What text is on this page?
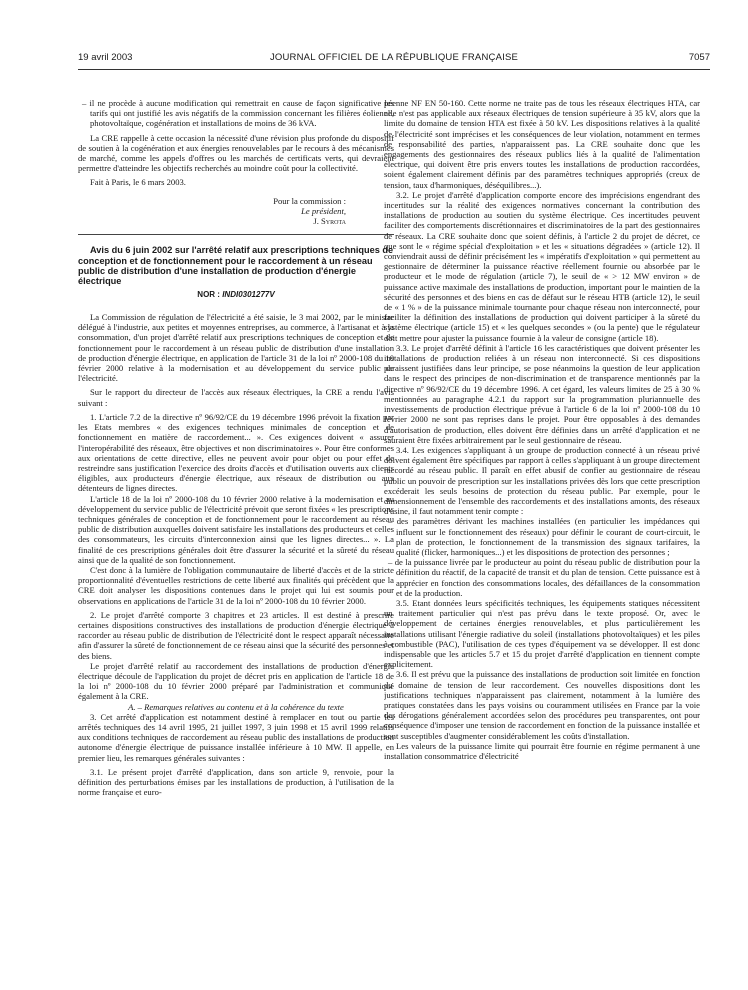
19 avril 2003	JOURNAL OFFICIEL DE LA RÉPUBLIQUE FRANÇAISE	7057

– il ne procède à aucune modification qui remettrait en cause de façon significative les tarifs qui ont justifié les avis négatifs de la commission concernant les filières éolienne, photovoltaïque, cogénération et installations de moins de 36 kVA.

La CRE rappelle à cette occasion la nécessité d'une révision plus profonde du dispositif de soutien à la cogénération et aux énergies renouvelables par le recours à des mécanismes de marché, comme les appels d'offres ou les marchés de certificats verts, qui devraient permettre d'atteindre les objectifs recherchés au moindre coût pour la collectivité.

Fait à Paris, le 6 mars 2003.

Pour la commission :
Le président,
J. Syrota

Avis du 6 juin 2002 sur l'arrêté relatif aux prescriptions techniques de conception et de fonctionnement pour le raccordement à un réseau public de distribution d'une installation de production d'énergie électrique

NOR : INDI0301277V

La Commission de régulation de l'électricité a été saisie, le 3 mai 2002, par le ministre délégué à l'industrie, aux petites et moyennes entreprises, au commerce, à l'artisanat et à la consommation, d'un projet d'arrêté relatif aux prescriptions techniques de conception et de fonctionnement pour le raccordement à un réseau public de distribution d'une installation de production d'énergie électrique, en application de l'article 31 de la loi nº 2000-108 du 10 février 2000 relative à la modernisation et au développement du service public de l'électricité.

Sur le rapport du directeur de l'accès aux réseaux électriques, la CRE a rendu l'avis suivant :

1. L'article 7.2 de la directive nº 96/92/CE du 19 décembre 1996 prévoit la fixation par les Etats membres « des exigences techniques minimales de conception et de fonctionnement en matière de raccordement... ». Ces exigences doivent « assurer l'interopérabilité des réseaux, être objectives et non discriminatoires ». Pour être conformes aux orientations de cette directive, elles ne peuvent avoir pour objet ou pour effet de restreindre sans justification l'exercice des droits d'accès et d'utilisation ouverts aux clients éligibles, aux producteurs d'énergie électrique, aux réseaux de distribution ou aux détenteurs de lignes directes.

L'article 18 de la loi nº 2000-108 du 10 février 2000 relative à la modernisation et au développement du service public de l'électricité prévoit que seront fixées « les prescriptions techniques générales de conception et de fonctionnement pour le raccordement au réseau public de distribution auxquelles doivent satisfaire les installations des producteurs et celles des consommateurs, les circuits d'interconnexion ainsi que les lignes directes... ». La finalité de ces prescriptions générales doit être d'assurer la sécurité et la sûreté du réseau ainsi que de la qualité de son fonctionnement.

C'est donc à la lumière de l'obligation communautaire de liberté d'accès et de la stricte proportionnalité d'éventuelles restrictions de cette liberté aux finalités qui précèdent que la CRE doit analyser les dispositions contenues dans le projet qui lui est soumis pour observations en applications de l'article 31 de la loi nº 2000-108 du 10 février 2000.

2. Le projet d'arrêté comporte 3 chapitres et 23 articles. Il est destiné à prescrire certaines dispositions constructives des installations de production d'énergie électrique à raccorder au réseau public de distribution de l'électricité dont le respect apparaît nécessaire afin d'assurer la sûreté de fonctionnement de ce réseau ainsi que la sécurité des personnes et des biens.

Le projet d'arrêté relatif au raccordement des installations de production d'énergie électrique découle de l'application du projet de décret pris en application de l'article 18 de la loi nº 2000-108 du 10 février 2000 préparé par l'administration et communiqué également à la CRE.

A. – Remarques relatives au contenu et à la cohérence du texte

3. Cet arrêté d'application est notamment destiné à remplacer en tout ou partie les arrêtés techniques des 14 avril 1995, 21 juillet 1997, 3 juin 1998 et 15 avril 1999 relatifs aux conditions techniques de raccordement au réseau public des installations de production autonome d'énergie électrique de puissance installée inférieure à 10 MW. Il appelle, en premier lieu, les remarques générales suivantes :

3.1. Le présent projet d'arrêté d'application, dans son article 9, renvoie, pour la définition des perturbations émises par les installations de production, à l'utilisation de la norme française et euro-

péenne NF EN 50-160. Cette norme ne traite pas de tous les réseaux électriques HTA, car elle n'est pas applicable aux réseaux électriques de tension supérieure à 35 kV, alors que la limite du domaine de tension HTA est fixée à 50 kV. Les dispositions relatives à la qualité de l'électricité sont imprécises et les conséquences de leur violation, notamment en termes de responsabilité des parties, n'apparaissent pas. La CRE souhaite donc que les engagements des gestionnaires des réseaux publics liés à la qualité de l'alimentation électrique, qui doivent être pris envers toutes les installations de production raccordées, soient également clairement définis par des paramètres techniques appropriés (creux de tension, taux d'harmoniques, déséquilibres...).

3.2. Le projet d'arrêté d'application comporte encore des imprécisions engendrant des incertitudes sur la réalité des exigences normatives concernant la contribution des installations de production au soutien du système électrique. Ces incertitudes peuvent faciliter des comportements discrétionnaires et discriminatoires de la part des gestionnaires de réseaux. La CRE souhaite donc que soient définis, à l'article 2 du projet de décret, ce que sont le « régime spécial d'exploitation » et les « situations dégradées » (article 12). Il conviendrait aussi de définir précisément les « impératifs d'exploitation » qui permettent au gestionnaire de déterminer la puissance réactive réellement fournie ou absorbée par le producteur et le mode de régulation (article 7), le seuil de « > 12 MW environ » de puissance active maximale des installations de production, important pour le maintien de la sécurité des personnes et des biens en cas de défaut sur le réseau HTB (article 12), le seuil de « 1 % » de la puissance minimale tournante pour chaque réseau non interconnecté, pour faciliter la définition des installations de production qui doivent participer à la sûreté du système électrique (article 15) et « les quelques secondes » (ou la pente) que le régulateur doit mettre pour ajuster la puissance fournie à la valeur de consigne (article 18).

3.3. Le projet d'arrêté définit à l'article 16 les caractéristiques que doivent présenter les installations de production reliées à un réseau non interconnecté. Si ces dispositions paraissent justifiées dans leur principe, se pose néanmoins la question de leur application dans le respect des principes de non-discrimination et de transparence mentionnés par la directive nº 96/92/CE du 19 décembre 1996. A cet égard, les valeurs limites de 25 à 30 % mentionnées au paragraphe 4.2.1 du rapport sur la programmation pluriannuelle des investissements de production électrique prévue à l'article 6 de la loi nº 2000-108 du 10 février 2000 ne sont pas reprises dans le projet. Pour être opposables à des demandes d'autorisation de production, elles doivent être définies dans un arrêté d'application et ne sauraient être fixées arbitrairement par le seul gestionnaire de réseau.

3.4. Les exigences s'appliquant à un groupe de production connecté à un réseau privé doivent également être spécifiques par rapport à celles s'appliquant à un groupe directement raccordé au réseau public. Il paraît en effet abusif de confier au gestionnaire de réseau public un pouvoir de prescription sur les installations privées dès lors que cette prescription excéderait les seuls besoins de protection du réseau public. Par exemple, pour le dimensionnement de l'ensemble des raccordements et des installations amonts, des réseaux d'usine, il faut notamment tenir compte :

– des paramètres dérivant les machines installées (en particulier les impédances qui influent sur le fonctionnement des réseaux) pour définir le courant de court-circuit, le plan de protection, le fonctionnement de la transmission des signaux tarifaires, la qualité (flicker, harmoniques...) et les dispositions de protection des personnes ;

– de la puissance livrée par le producteur au point du réseau public de distribution pour la définition du réactif, de la capacité de transit et du plan de tension. Cette puissance est à apprécier en fonction des consommations locales, des défaillances de la consommation et de la production.

3.5. Etant données leurs spécificités techniques, les équipements statiques nécessitent un traitement particulier qui n'est pas prévu dans le texte proposé. Or, avec le développement de certaines énergies renouvelables, et plus particulièrement les installations utilisant l'énergie radiative du soleil (installations photovoltaïques) et les piles à combustible (PAC), l'utilisation de ces types d'équipement va se développer. Il est donc indispensable que les articles 5.7 et 15 du projet d'arrêté d'application en tiennent compte explicitement.

3.6. Il est prévu que la puissance des installations de production soit limitée en fonction du domaine de tension de leur raccordement. Ces nouvelles dispositions dont les justifications techniques n'apparaissent pas clairement, notamment à la lumière des pratiques constatées dans les pays voisins ou couramment utilisées en France par la voie des dérogations généralement accordées selon des procédures peu transparentes, ont pour conséquence d'imposer une tension de raccordement en fonction de la puissance installée et sont susceptibles d'augmenter considérablement les coûts d'installation.

Les valeurs de la puissance limite qui pourrait être fournie en régime permanent à une installation consommatrice d'électricité
